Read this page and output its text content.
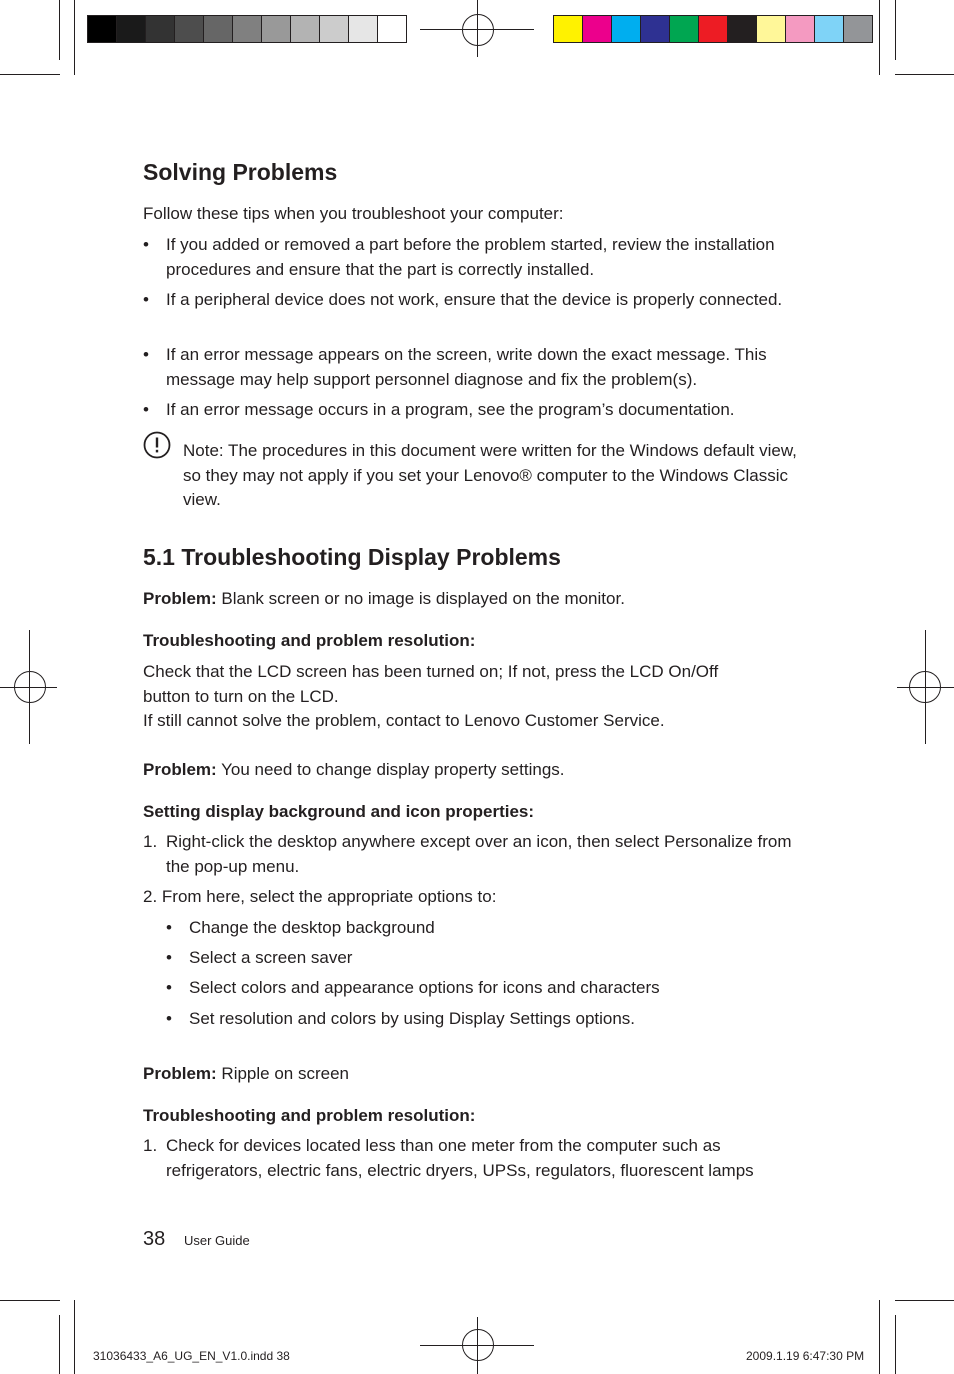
Solving Problems

Follow these tips when you troubleshoot your computer:

•	If you added or removed a part before the problem started, review the installation procedures and ensure that the part is correctly installed.
•	If a peripheral device does not work, ensure that the device is properly connected.
•	If an error message appears on the screen, write down the exact message. This message may help support personnel diagnose and fix the problem(s).
•	If an error message occurs in a program, see the program’s documentation.
Note: The procedures in this document were written for the Windows default view, so they may not apply if you set your Lenovo® computer to the Windows Classic view.
5.1 Troubleshooting Display Problems

Problem: Blank screen or no image is displayed on the monitor.

Troubleshooting and problem resolution:

Check that the LCD screen has been turned on; If not, press the LCD On/Off button to turn on the LCD.

If still cannot solve the problem, contact to Lenovo Customer Service.

Problem: You need to change display property settings.

Setting display background and icon properties:

1. Right-click the desktop anywhere except over an icon, then select Personalize from the pop-up menu.

2. From here, select the appropriate options to:

• Change the desktop background
• Select a screen saver
• Select colors and appearance options for icons and characters
• Set resolution and colors by using Display Settings options.

Problem: Ripple on screen

Troubleshooting and problem resolution:

1. Check for devices located less than one meter from the computer such as refrigerators, electric fans, electric dryers, UPSs, regulators, fluorescent lamps
38 User Guide
31036433_A6_UG_EN_V1.0.indd 38	2009.1.19 6:47:30 PM
